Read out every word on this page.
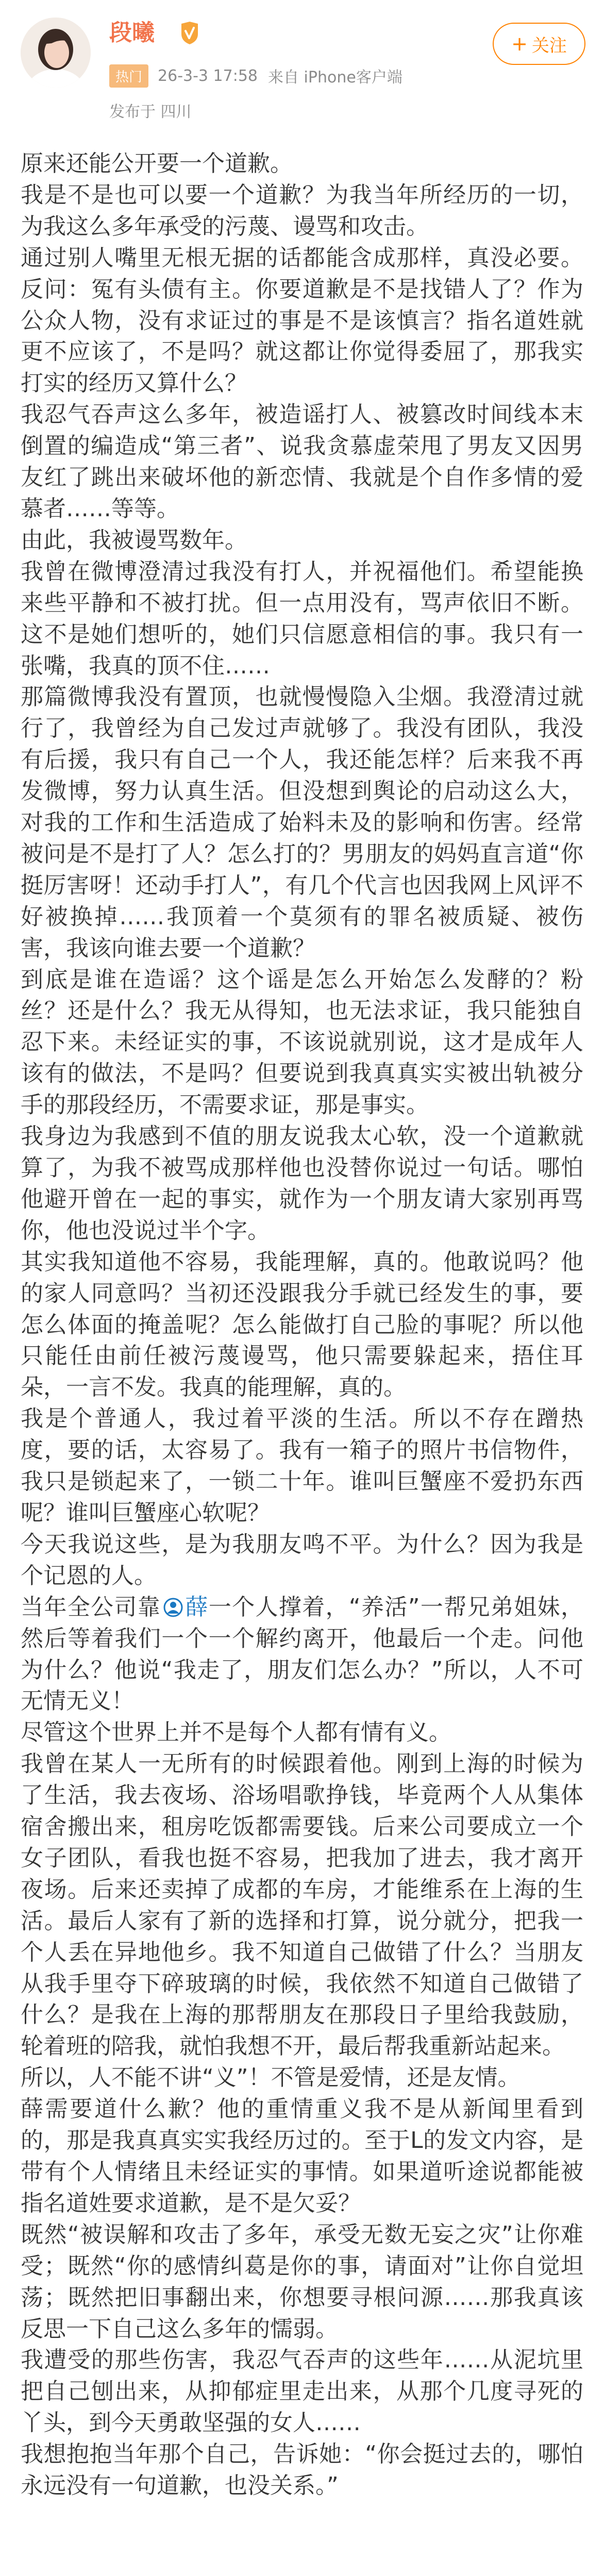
段曦
热门	26-3-3 17:58 来自 iPhone客户端
发布于 四川
+ 关注

原来还能公开要一个道歉。

我是不是也可以要一个道歉？为我当年所经历的一切，为我这么多年承受的污蔑、谩骂和攻击。

通过别人嘴里无根无据的话都能含成那样，真没必要。反问：冤有头债有主。你要道歉是不是找错人了？作为公众人物，没有求证过的事是不是该慎言？指名道姓就更不应该了，不是吗？就这都让你觉得委屈了，那我实打实的经历又算什么？

我忍气吞声这么多年，被造谣打人、被篡改时间线本末倒置的编造成“第三者”、说我贪慕虚荣甩了男友又因男友红了跳出来破坏他的新恋情、我就是个自作多情的爱慕者……等等。

由此，我被谩骂数年。

我曾在微博澄清过我没有打人，并祝福他们。希望能换来些平静和不被打扰。但一点用没有，骂声依旧不断。这不是她们想听的，她们只信愿意相信的事。我只有一张嘴，我真的顶不住……

那篇微博我没有置顶，也就慢慢隐入尘烟。我澄清过就行了，我曾经为自己发过声就够了。我没有团队，我没有后援，我只有自己一个人，我还能怎样？后来我不再发微博，努力认真生活。但没想到舆论的启动这么大，对我的工作和生活造成了始料未及的影响和伤害。经常被问是不是打了人？怎么打的？男朋友的妈妈直言道“你挺厉害呀！还动手打人”，有几个代言也因我网上风评不好被换掉……我顶着一个莫须有的罪名被质疑、被伤害，我该向谁去要一个道歉？

到底是谁在造谣？这个谣是怎么开始怎么发酵的？粉丝？还是什么？我无从得知，也无法求证，我只能独自忍下来。未经证实的事，不该说就别说，这才是成年人该有的做法，不是吗？但要说到我真真实实被出轨被分手的那段经历，不需要求证，那是事实。

我身边为我感到不值的朋友说我太心软，没一个道歉就算了，为我不被骂成那样他也没替你说过一句话。哪怕他避开曾在一起的事实，就作为一个朋友请大家别再骂你，他也没说过半个字。

其实我知道他不容易，我能理解，真的。他敢说吗？他的家人同意吗？当初还没跟我分手就已经发生的事，要怎么体面的掩盖呢？怎么能做打自己脸的事呢？所以他只能任由前任被污蔑谩骂，他只需要躲起来，捂住耳朵，一言不发。我真的能理解，真的。

我是个普通人，我过着平淡的生活。所以不存在蹭热度，要的话，太容易了。我有一箱子的照片书信物件，我只是锁起来了，一锁二十年。谁叫巨蟹座不爱扔东西呢？谁叫巨蟹座心软呢？

今天我说这些，是为我朋友鸣不平。为什么？因为我是个记恩的人。

当年全公司靠 薛一个人撑着，“养活”一帮兄弟姐妹，然后等着我们一个一个解约离开，他最后一个走。问他为什么？他说“我走了，朋友们怎么办？”所以，人不可无情无义！

尽管这个世界上并不是每个人都有情有义。

我曾在某人一无所有的时候跟着他。刚到上海的时候为了生活，我去夜场、浴场唱歌挣钱，毕竟两个人从集体宿舍搬出来，租房吃饭都需要钱。后来公司要成立一个女子团队，看我也挺不容易，把我加了进去，我才离开夜场。后来还卖掉了成都的车房，才能维系在上海的生活。最后人家有了新的选择和打算，说分就分，把我一个人丢在异地他乡。我不知道自己做错了什么？当朋友从我手里夺下碎玻璃的时候，我依然不知道自己做错了什么？是我在上海的那帮朋友在那段日子里给我鼓励，轮着班的陪我，就怕我想不开，最后帮我重新站起来。

所以，人不能不讲“义”！不管是爱情，还是友情。

薛需要道什么歉？他的重情重义我不是从新闻里看到的，那是我真真实实我经历过的。至于L的发文内容，是带有个人情绪且未经证实的事情。如果道听途说都能被指名道姓要求道歉，是不是欠妥？

既然“被误解和攻击了多年，承受无数无妄之灾”让你难受；既然“你的感情纠葛是你的事，请面对”让你自觉坦荡；既然把旧事翻出来，你想要寻根问源……那我真该反思一下自己这么多年的懦弱。

我遭受的那些伤害，我忍气吞声的这些年……从泥坑里把自己刨出来，从抑郁症里走出来，从那个几度寻死的丫头，到今天勇敢坚强的女人……

我想抱抱当年那个自己，告诉她：“你会挺过去的，哪怕永远没有一句道歉，也没关系。”
